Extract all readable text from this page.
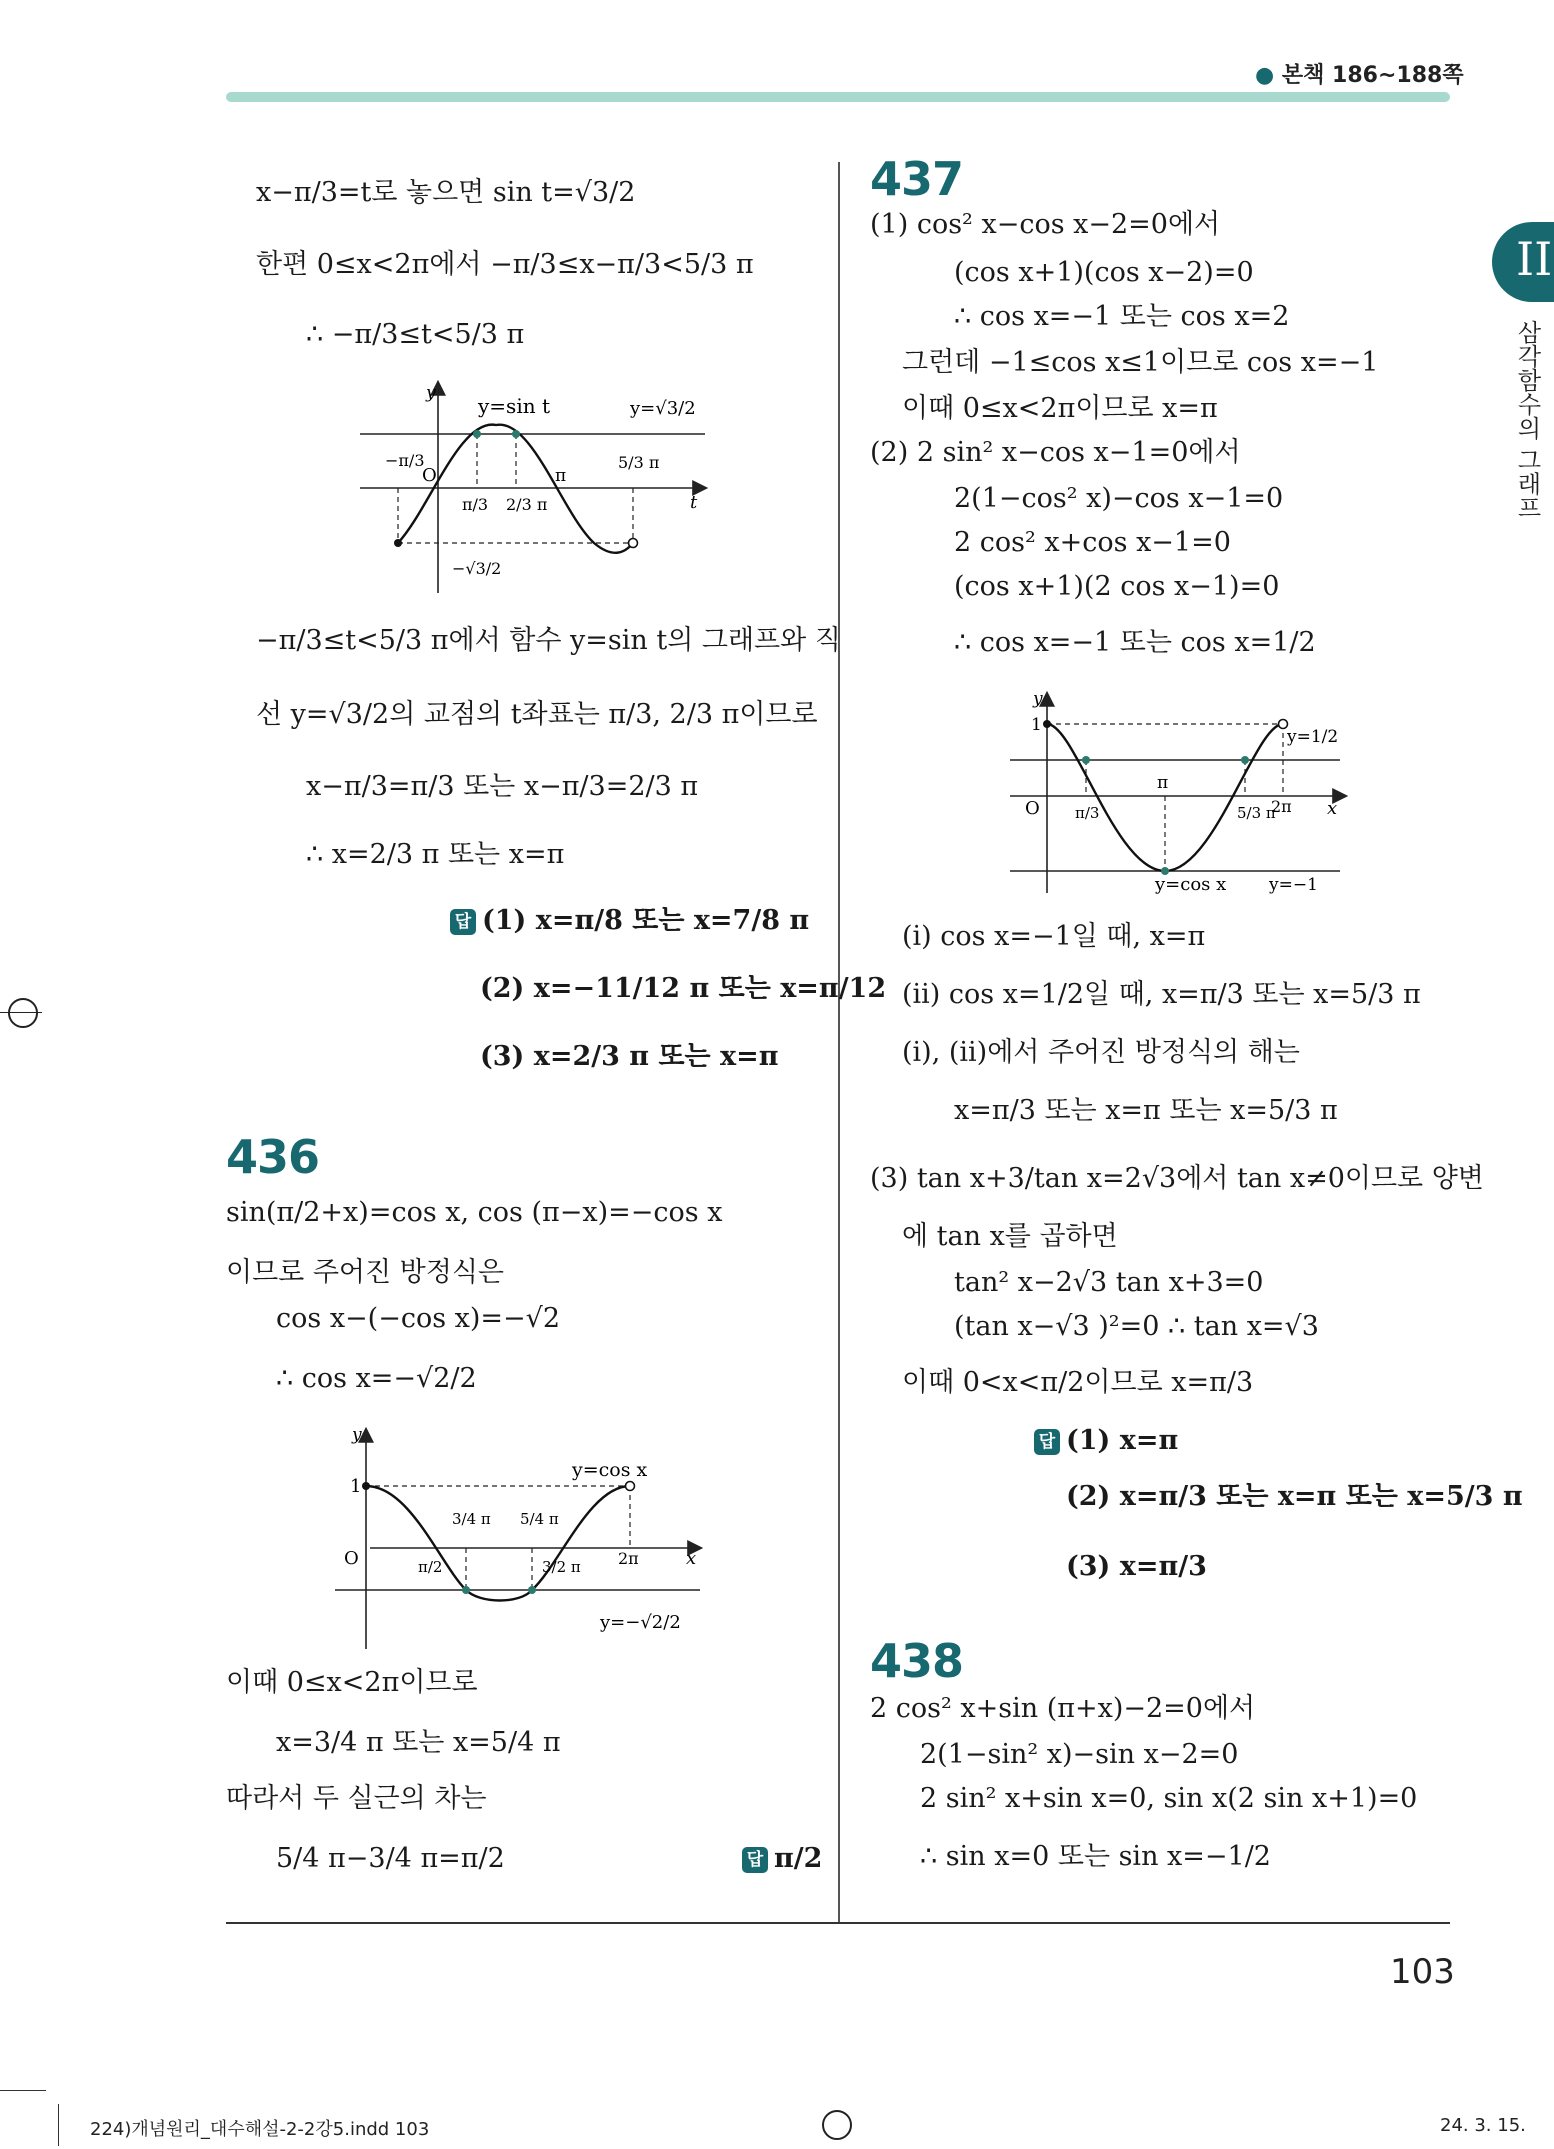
● 본책 186~188쪽
II
삼각함수의 그래프
x−π/3=t로 놓으면 sin t=√3/2
한편 0≤x<2π에서 −π/3≤x−π/3<5/3 π
∴ −π/3≤t<5/3 π
y
y=sin t	y=√3/2
t
O
−π/3
π/3 2/3 π
π
5/3 π
−√3/2
−π/3≤t<5/3 π에서 함수 y=sin t의 그래프와 직
선 y=√3/2의 교점의 t좌표는 π/3, 2/3 π이므로
x−π/3=π/3 또는 x−π/3=2/3 π
∴ x=2/3 π 또는 x=π
답 (1) x=π/8 또는 x=7/8 π
(2) x=−11/12 π 또는 x=π/12
(3) x=2/3 π 또는 x=π
436
sin(π/2+x)=cos x, cos (π−x)=−cos x
이므로 주어진 방정식은
cos x−(−cos x)=−√2
∴ cos x=−√2/2
y
1
O
y=cos x
y=−√2/2
x
π/2
3/4 π 5/4 π
3/2 π 2π
이때 0≤x<2π이므로
x=3/4 π 또는 x=5/4 π
따라서 두 실근의 차는
5/4 π−3/4 π=π/2	답 π/2
437
(1) cos² x−cos x−2=0에서
(cos x+1)(cos x−2)=0
∴ cos x=−1 또는 cos x=2
그런데 −1≤cos x≤1이므로 cos x=−1
이때 0≤x<2π이므로 x=π
(2) 2 sin² x−cos x−1=0에서
2(1−cos² x)−cos x−1=0
2 cos² x+cos x−1=0
(cos x+1)(2 cos x−1)=0
∴ cos x=−1 또는 cos x=1/2
y
1
O
y=1/2
x
π/3
π
5/3 π
2π
y=cos x	y=−1
(i) cos x=−1일 때, x=π
(ii) cos x=1/2일 때, x=π/3 또는 x=5/3 π
(i), (ii)에서 주어진 방정식의 해는
x=π/3 또는 x=π 또는 x=5/3 π
(3) tan x+3/tan x=2√3에서 tan x≠0이므로 양변
에 tan x를 곱하면
tan² x−2√3 tan x+3=0
(tan x−√3 )²=0 ∴ tan x=√3
이때 0<x<π/2이므로 x=π/3
답 (1) x=π
(2) x=π/3 또는 x=π 또는 x=5/3 π
(3) x=π/3
438
2 cos² x+sin (π+x)−2=0에서
2(1−sin² x)−sin x−2=0
2 sin² x+sin x=0, sin x(2 sin x+1)=0
∴ sin x=0 또는 sin x=−1/2
103
224)개념원리_대수해설-2-2강5.indd 103	24. 3. 15.
